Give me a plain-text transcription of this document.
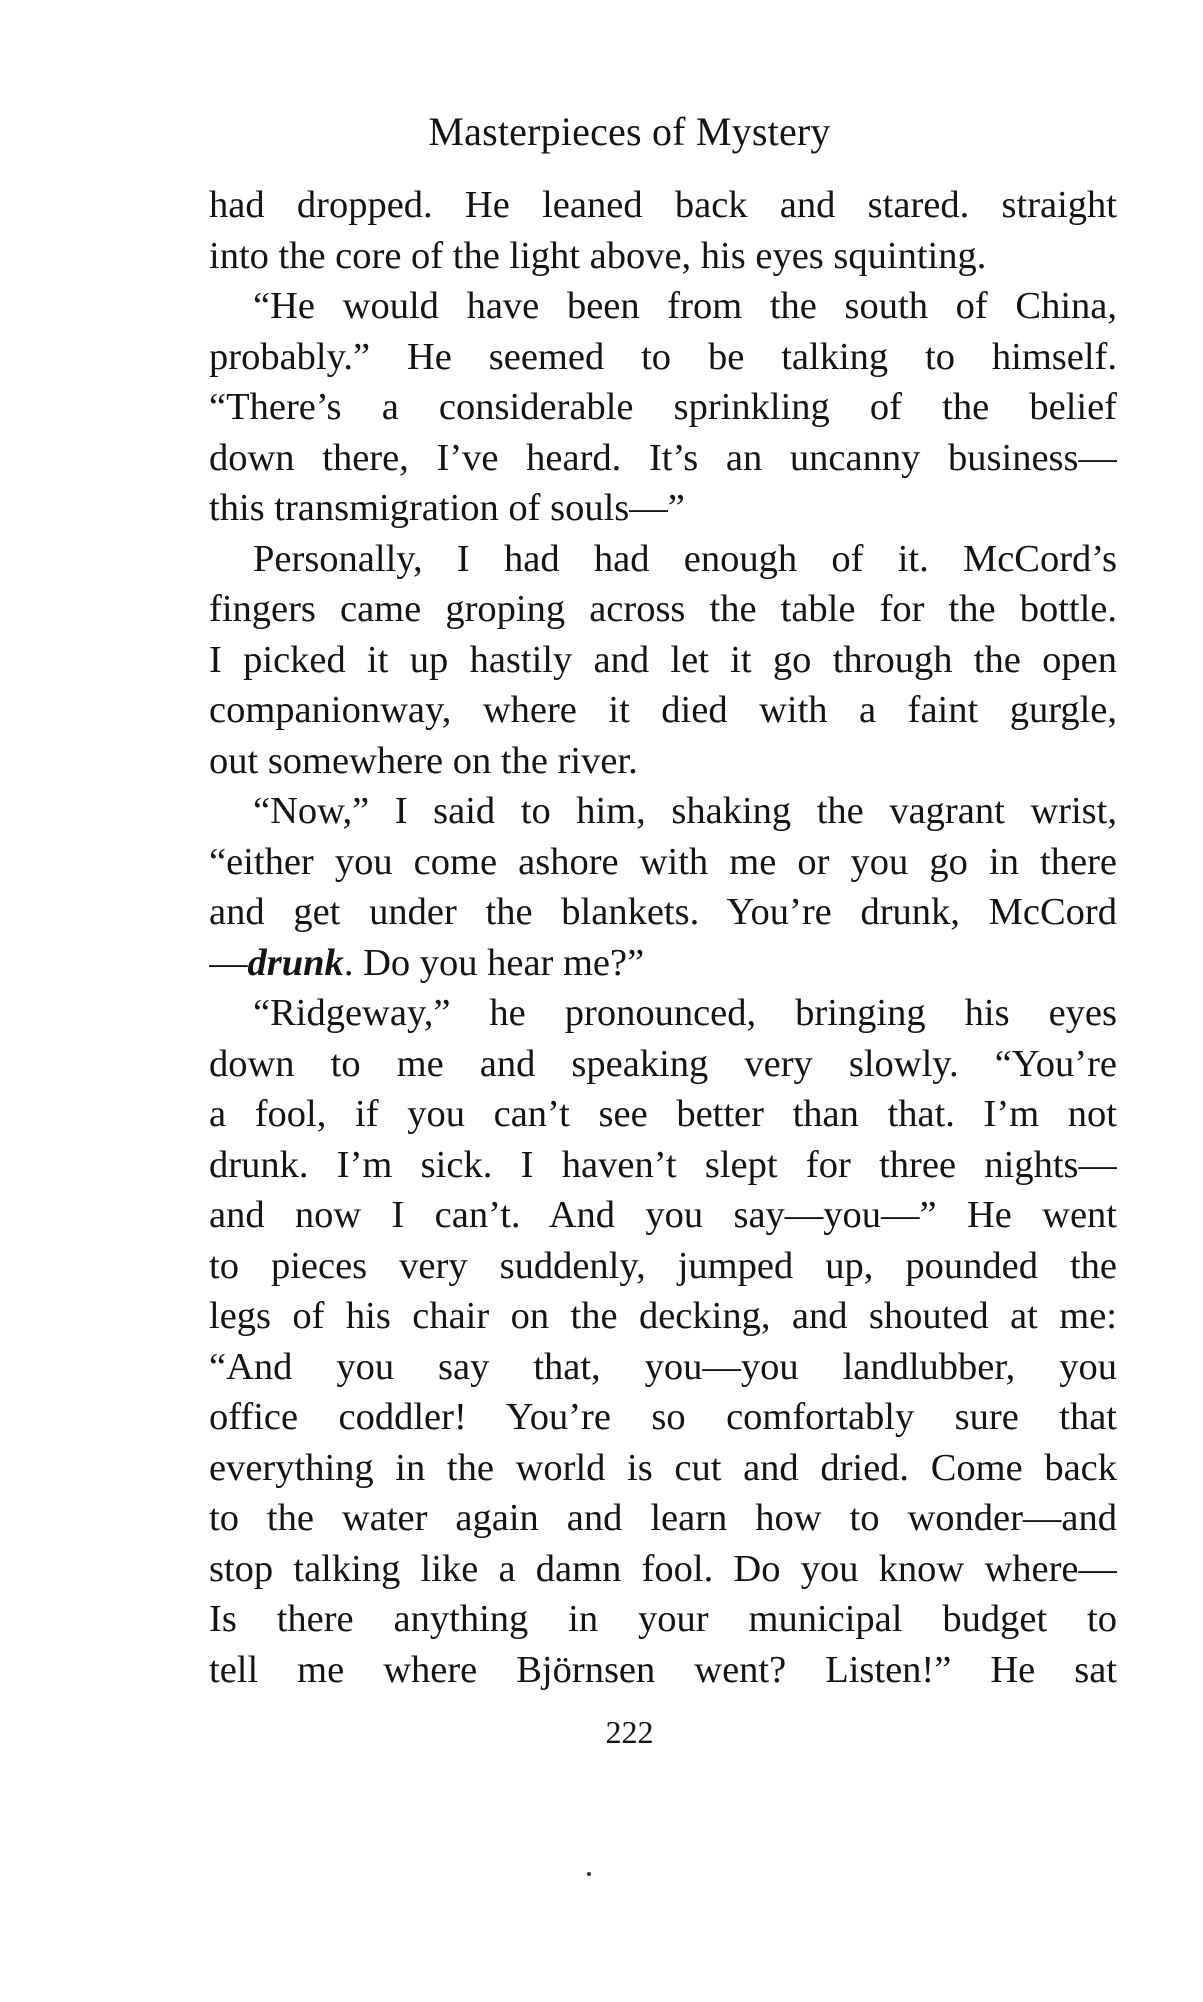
Masterpieces of Mystery
had dropped. He leaned back and stared. straight
into the core of the light above, his eyes squinting.
“He would have been from the south of China,
probably.” He seemed to be talking to himself.
“There’s a considerable sprinkling of the belief
down there, I’ve heard. It’s an uncanny business—
this transmigration of souls—”
Personally, I had had enough of it. McCord’s
fingers came groping across the table for the bottle.
I picked it up hastily and let it go through the open
companionway, where it died with a faint gurgle,
out somewhere on the river.
“Now,” I said to him, shaking the vagrant wrist,
“either you come ashore with me or you go in there
and get under the blankets. You’re drunk, McCord
—drunk. Do you hear me?”
“Ridgeway,” he pronounced, bringing his eyes
down to me and speaking very slowly. “You’re
a fool, if you can’t see better than that. I’m not
drunk. I’m sick. I haven’t slept for three nights—
and now I can’t. And you say—you—” He went
to pieces very suddenly, jumped up, pounded the
legs of his chair on the decking, and shouted at me:
“And you say that, you—you landlubber, you
office coddler! You’re so comfortably sure that
everything in the world is cut and dried. Come back
to the water again and learn how to wonder—and
stop talking like a damn fool. Do you know where—
Is there anything in your municipal budget to
tell me where Björnsen went? Listen!” He sat
222
